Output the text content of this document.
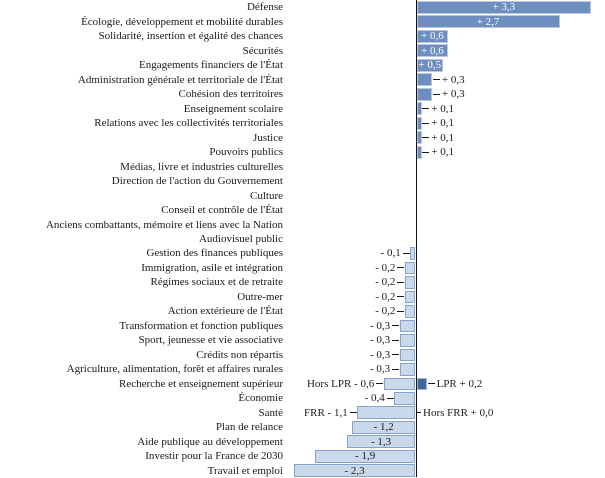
Défense	+ 3,3
Écologie, développement et mobilité durables	+ 2,7
Solidarité, insertion et égalité des chances	+ 0,6
Sécurités	+ 0,6
Engagements financiers de l'État	+ 0,5
Administration générale et territoriale de l'État	+ 0,3
Cohésion des territoires	+ 0,3
Enseignement scolaire	+ 0,1
Relations avec les collectivités territoriales	+ 0,1
Justice	+ 0,1
Pouvoirs publics	+ 0,1
Médias, livre et industries culturelles
Direction de l'action du Gouvernement
Culture
Conseil et contrôle de l'État
Anciens combattants, mémoire et liens avec la Nation
Audiovisuel public
Gestion des finances publiques	- 0,1
Immigration, asile et intégration	- 0,2
Régimes sociaux et de retraite	- 0,2
Outre-mer	- 0,2
Action extérieure de l'État	- 0,2
Transformation et fonction publiques	- 0,3
Sport, jeunesse et vie associative	- 0,3
Crédits non répartis	- 0,3
Agriculture, alimentation, forêt et affaires rurales	- 0,3
Recherche et enseignement supérieur Hors LPR - 0,6	LPR + 0,2
Économie	- 0,4
Santé FRR - 1,1	Hors FRR + 0,0
Plan de relance	- 1,2
Aide publique au développement	- 1,3
Investir pour la France de 2030	- 1,9
Travail et emploi	- 2,3
